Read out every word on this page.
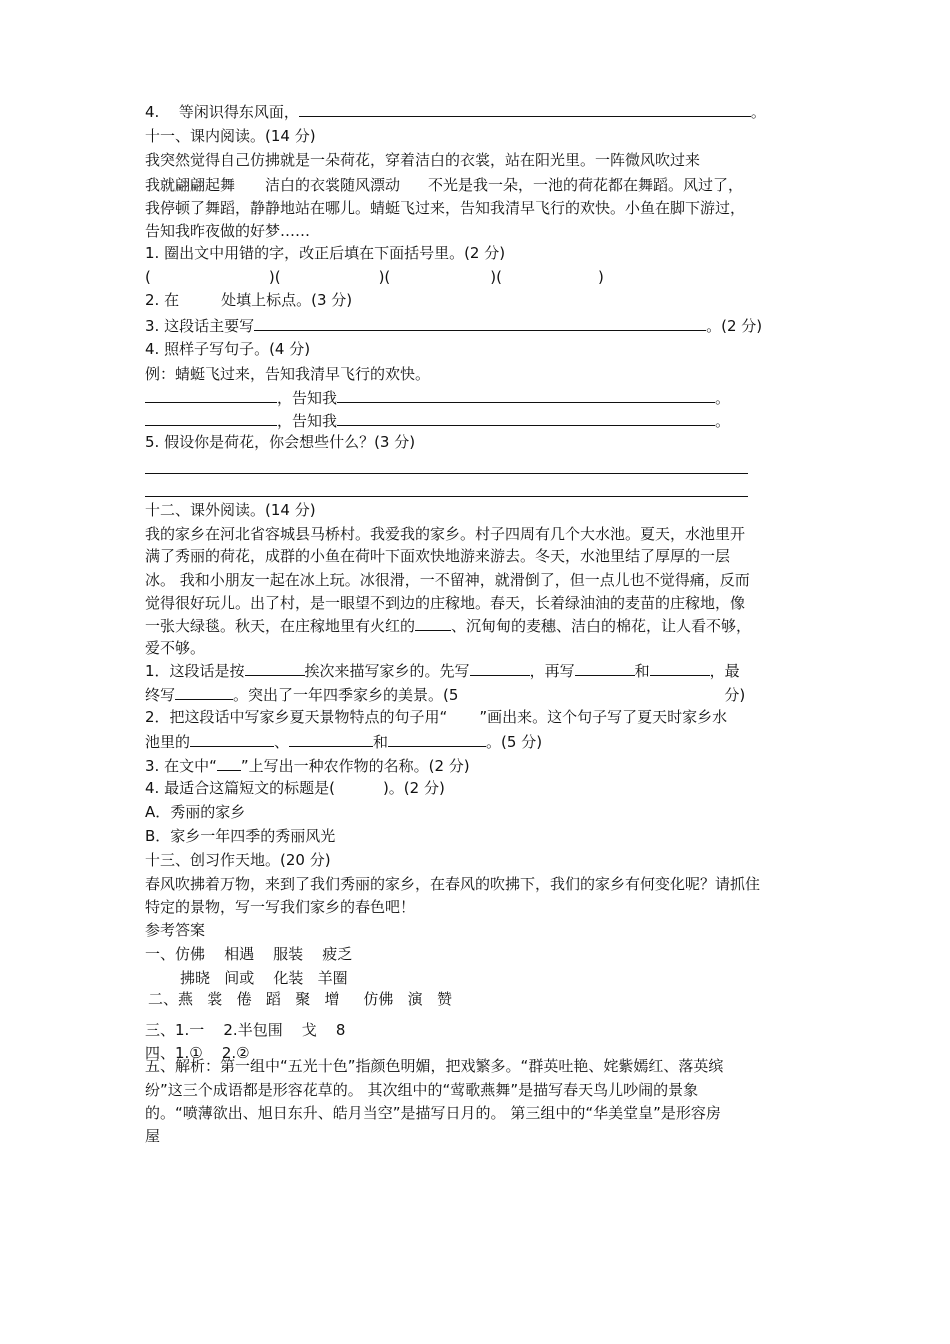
4. 等闲识得东风面，	。
十一、课内阅读。(14 分)
我突然觉得自己仿拂就是一朵荷花，穿着洁白的衣裳，站在阳光里。一阵微风吹过来
我就翩翩起舞 洁白的衣裳随风漂动 不光是我一朵，一池的荷花都在舞蹈。风过了，
我停顿了舞蹈，静静地站在哪儿。蜻蜓飞过来，告知我清早飞行的欢快。小鱼在脚下游过，
告知我昨夜做的好梦……
1. 圈出文中用错的字，改正后填在下面括号里。(2 分)
(	)(	)(	)(	)
2. 在	处填上标点。(3 分)
3. 这段话主要写	。(2 分)
4. 照样子写句子。(4 分)
例：蜻蜓飞过来，告知我清早飞行的欢快。
，告知我	。
，告知我	。
5. 假设你是荷花，你会想些什么？(3 分)
十二、课外阅读。(14 分)
我的家乡在河北省容城县马桥村。我爱我的家乡。村子四周有几个大水池。夏天，水池里开
满了秀丽的荷花，成群的小鱼在荷叶下面欢快地游来游去。冬天，水池里结了厚厚的一层
冰。 我和小朋友一起在冰上玩。冰很滑，一不留神，就滑倒了，但一点儿也不觉得痛，反而
觉得很好玩儿。出了村，是一眼望不到边的庄稼地。春天，长着绿油油的麦苗的庄稼地，像
一张大绿毯。秋天，在庄稼地里有火红的 、沉甸甸的麦穗、洁白的棉花，让人看不够，
爱不够。
1．这段话是按	挨次来描写家乡的。先写	，再写	和	，最
终写	。突出了一年四季家乡的美景。(5	分)
2．把这段话中写家乡夏天景物特点的句子用“ ”画出来。这个句子写了夏天时家乡水
池里的	、	和	。(5 分)
3. 在文中“ ”上写出一种农作物的名称。(2 分)
4. 最适合这篇短文的标题是(	)。(2 分)
A．秀丽的家乡
B．家乡一年四季的秀丽风光
十三、创习作天地。(20 分)
春风吹拂着万物，来到了我们秀丽的家乡，在春风的吹拂下，我们的家乡有何变化呢？请抓住
特定的景物，写一写我们家乡的春色吧！
参考答案
一、仿佛    相遇    服装    疲乏
拂晓   间或    化装   羊圈
二、燕   裳   倦   蹈   聚   增     仿佛   演   赞
三、1.一    2.半包围    戈    8
四、1.①    2.②
五、解析：第一组中“五光十色”指颜色明媚，把戏繁多。“群英吐艳、姹紫嫣红、落英缤
纷”这三个成语都是形容花草的。 其次组中的“莺歌燕舞”是描写春天鸟儿吵闹的景象
的。“喷薄欲出、旭日东升、皓月当空”是描写日月的。 第三组中的“华美堂皇”是形容房
屋
